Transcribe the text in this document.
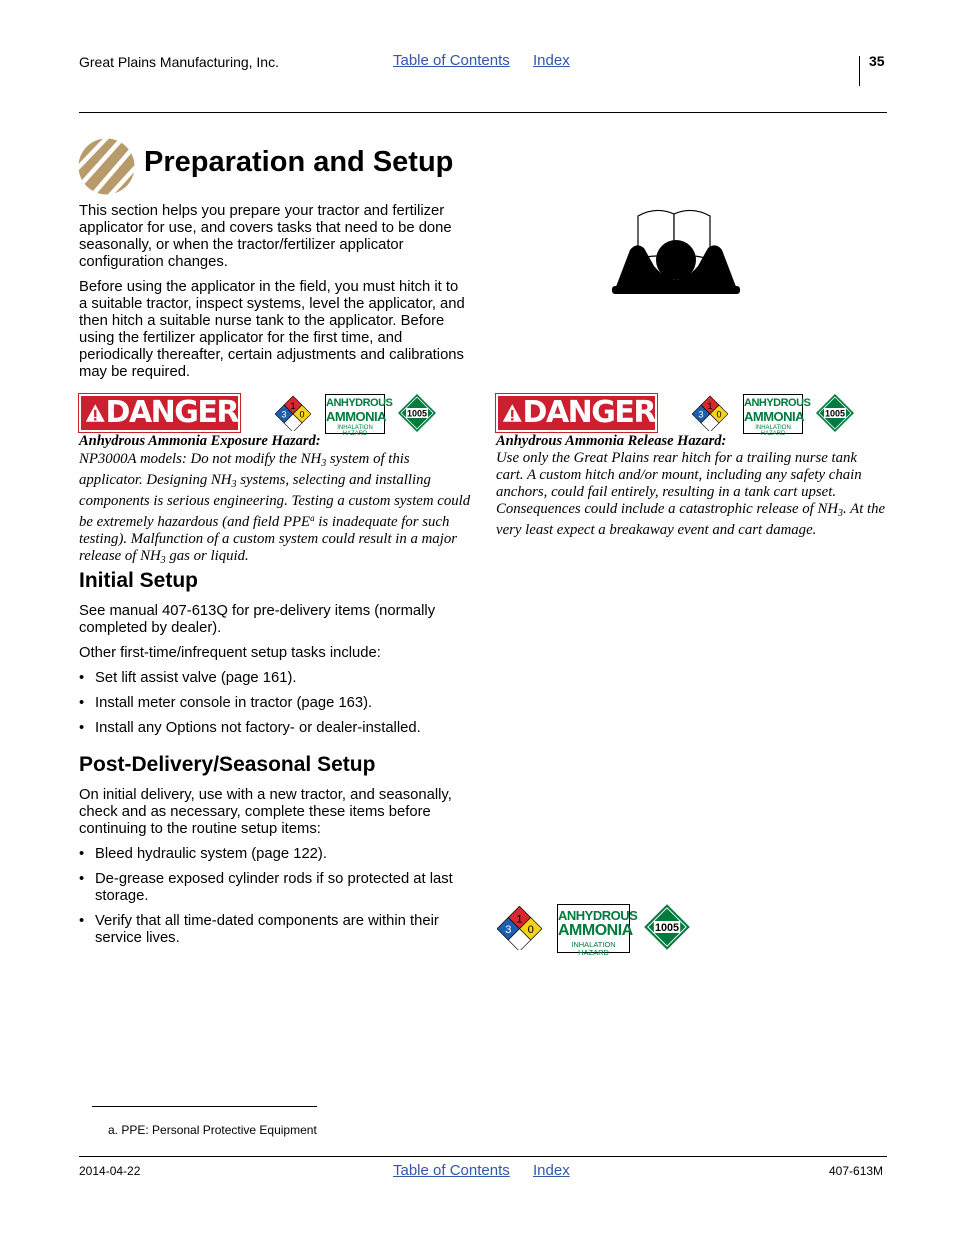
Great Plains Manufacturing, Inc.	Table of Contents Index	35
Preparation and Setup

This section helps you prepare your tractor and fertilizer applicator for use, and covers tasks that need to be done seasonally, or when the tractor/fertilizer applicator configuration changes.

Before using the applicator in the field, you must hitch it to a suitable tractor, inspect systems, level the applicator, and then hitch a suitable nurse tank to the applicator. Before using the fertilizer applicator for the first time, and periodically thereafter, certain adjustments and calibrations may be required.

DANGER	1
3 0
ANHYDROUS
AMMONIA
INHALATION HAZARD
1005
Anhydrous Ammonia Exposure Hazard:
NP3000A models: Do not modify the $NH_3$ system of this applicator. Designing $NH_3$ systems, selecting and installing components is serious engineering. Testing a custom system could be extremely hazardous (and field PPE$^a$ is inadequate for such testing). Malfunction of a custom system could result in a major release of $NH_3$ gas or liquid.
DANGER	1
3 0
ANHYDROUS
AMMONIA
INHALATION HAZARD
1005
Anhydrous Ammonia Release Hazard:
Use only the Great Plains rear hitch for a trailing nurse tank cart. A custom hitch and/or mount, including any safety chain anchors, could fail entirely, resulting in a tank cart upset. Consequences could include a catastrophic release of $NH_3$. At the very least expect a breakaway event and cart damage.
Initial Setup

See manual 407-613Q for pre-delivery items (normally completed by dealer).

Other first-time/infrequent setup tasks include:

• Set lift assist valve (page 161).
• Install meter console in tractor (page 163).
• Install any Options not factory- or dealer-installed.
Post-Delivery/Seasonal Setup

On initial delivery, use with a new tractor, and seasonally, check and as necessary, complete these items before continuing to the routine setup items:

• Bleed hydraulic system (page 122).
• De-grease exposed cylinder rods if so protected at last storage.
• Verify that all time-dated components are within their service lives.
1
3 0
ANHYDROUS
AMMONIA
INHALATION HAZARD
1005
a. PPE: Personal Protective Equipment
2014-04-22	Table of Contents Index	407-613M
